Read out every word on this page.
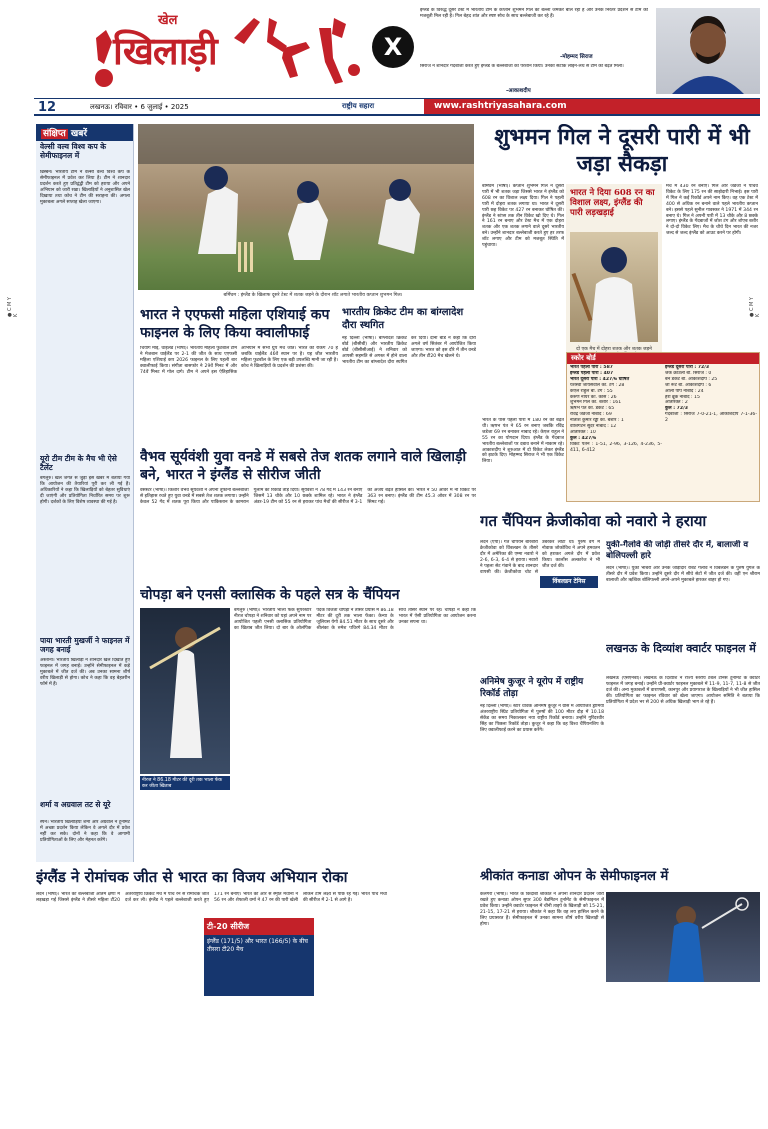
खेल
खिलाड़ी	X
इंग्लैंड के विरुद्ध दूसरे टेस्ट में भारतीय टीम के कप्तान शुभमन गिल का बल्ला जमकर बोल रहा है और उनके निरंतर प्रदर्शन से टीम को मजबूती मिल रही है। गिल बेहद शांत और स्पष्ट सोच के साथ बल्लेबाजी कर रहे हैं।
-मोहम्मद सिराज
सिराज ने शानदार गेंदबाजी करते हुए इंग्लैंड के बल्लेबाजों को परेशान किया। उनकी सटीक लाइन-लेंथ से टीम को बढ़त मिली।
-आकाशदीप
12	लखनऊ। रविवार • 6 जुलाई • 2025	राष्ट्रीय सहारा	www.rashtriyasahara.com
संक्षिप्त खबरें
वेल्सी वल्व विश्व कप के सेमीफाइनल में
ब्रिस्बेन। भारतीय टीम ने वेल्सी वल्व विश्व कप के सेमीफाइनल में प्रवेश कर लिया है। टीम ने शानदार प्रदर्शन करते हुए प्रतिद्वंद्वी टीम को हराया और अपने अभियान को जारी रखा। खिलाड़ियों ने अनुशासित खेल दिखाया तथा कोच ने टीम की सराहना की। अगला मुकाबला अगले सप्ताह खेला जाएगा।
यूरो टीम टीम के मैच भी ऐसे टैलेंट
बेंगलुरु। खेल जगत से जुड़ी इस खबर में बताया गया कि आयोजन की तैयारियां पूरी कर ली गई हैं। अधिकारियों ने कहा कि खिलाड़ियों को बेहतर सुविधाएं दी जाएंगी और प्रतियोगिता निर्धारित समय पर शुरू होगी। दर्शकों के लिए विशेष व्यवस्था की गई है।
पाया भारती मुखर्जी ने फाइनल में जगह बनाई
अस्ताना। भारतीय खिलाड़ी ने शानदार खेल दिखाते हुए फाइनल में जगह बनाई। उन्होंने सेमीफाइनल में कड़े मुकाबले में जीत दर्ज की। अब उनका सामना शीर्ष वरीय खिलाड़ी से होगा। कोच ने कहा कि वह बेहतरीन फॉर्म में हैं।
शर्मा व अग्रवाल तट से यूरे
स्पेन। भारतीय खिलाड़ियों शर्मा और अग्रवाल ने टूर्नामेंट में अच्छा प्रदर्शन किया लेकिन वे अगले दौर में प्रवेश नहीं कर सके। दोनों ने कहा कि वे आगामी प्रतियोगिताओं के लिए और मेहनत करेंगे।
बर्मिंघम : इंग्लैंड के खिलाफ दूसरे टेस्ट में शतक जड़ने के दौरान शॉट लगाते भारतीय कप्तान शुभमन गिल।
शुभमन गिल ने दूसरी पारी में भी जड़ा सैकड़ा
बर्मिंघम (भाषा)। कप्तान शुभमन गिल ने दूसरी पारी में भी शतक जड़ा जिससे भारत ने इंग्लैंड को 608 रन का विशाल लक्ष्य दिया। गिल ने पहली पारी में दोहरा शतक लगाया था। भारत ने दूसरी पारी छह विकेट पर 427 रन बनाकर घोषित की। इंग्लैंड ने स्टंप्स तक तीन विकेट खो दिए थे। गिल ने 161 रन बनाए और टेस्ट मैच में एक दोहरा शतक और एक शतक लगाने वाले दूसरे भारतीय बने। उन्होंने शानदार बल्लेबाजी करते हुए हर तरफ शॉट लगाए और टीम को मजबूत स्थिति में पहुंचाया।
भारत ने दिया 608 रन का विशाल लक्ष्य, इंग्लैंड की पारी लड़खड़ाई
दो एक मैच में दोहरा शतक और शतक जड़ने
मैच में 430 रन बनाए। गिल और जडेजा ने पांचवें विकेट के लिए 175 रन की साझेदारी निभाई। इस पारी में गिल ने कई रिकॉर्ड अपने नाम किए। वह एक टेस्ट में 400 से अधिक रन बनाने वाले पहले भारतीय कप्तान बने। इससे पहले सुनील गावस्कर ने 1971 में 344 रन बनाए थे। गिल ने अपनी पारी में 13 चौके और 8 छक्के लगाए। इंग्लैंड के गेंदबाजों में जोश टंग और शोएब बशीर ने दो-दो विकेट लिए। मैच के चौथे दिन भारत की नजर जल्द से जल्द इंग्लैंड को आउट करने पर होगी।
स्कोर बोर्ड
भारत पहली पारी : 587
इंग्लैंड पहली पारी : 407
भारत दूसरी पारी : 427/6 घोषित
यशस्वी जायसवाल का. टंग : 28
केएल राहुल बो. टंग : 55
करुण नायर का. कार्स : 26
शुभमन गिल का. बशीर : 161
ऋषभ पंत का. डकेट : 65
रविंद्र जडेजा नाबाद : 69
नीतीश कुमार रेड्डी का. बशीर : 1
वाशिंगटन सुंदर नाबाद : 12
अतिरिक्त : 10
कुल : 427/6
विकेट पतन : 1-51, 2-96, 3-126, 4-236, 5-411, 6-412
इंग्लैंड दूसरी पारी : 72/3
जैक क्रॉउली बो. सिराज : 0
बेन डकेट बो. आकाशदीप : 25
जो रूट बो. आकाशदीप : 6
ओली पोप नाबाद : 24
हैरी ब्रूक नाबाद : 15
अतिरिक्त : 2
कुल : 72/3
गेंदबाजी : सिराज 7-0-21-1, आकाशदीप 7-1-36-2
भारत के पास पहली पारी में 180 रन की बढ़त थी। ऋषभ पंत ने 65 रन बनाए जबकि रविंद्र जडेजा 69 रन बनाकर नाबाद रहे। केएल राहुल ने 55 रन का योगदान दिया। इंग्लैंड के गेंदबाज भारतीय बल्लेबाजों पर दबाव बनाने में नाकाम रहे। आकाशदीप ने शुरुआत में दो विकेट लेकर इंग्लैंड को झटके दिए। मोहम्मद सिराज ने भी एक विकेट लिया।
भारत ने एएफसी महिला एशियाई कप फाइनल के लिए किया क्वालीफाई
चियांग माई, थाईलैंड (भाषा)। भारतीय महिला फुटबॉल टीम ने मेजबान थाईलैंड पर 2-1 की जीत के साथ एएफसी महिला एशियाई कप 2026 फाइनल के लिए पहली बार क्वालीफाई किया। संगीता बासफोर ने 29वें मिनट में और 74वें मिनट में गोल दागे। टीम ने अपने इस ऐतिहासिक अभियान में सभी ग्रुप मैच जीते। भारत की रैंकिंग 70 है जबकि थाईलैंड 46वें स्थान पर है। यह जीत भारतीय महिला फुटबॉल के लिए एक बड़ी उपलब्धि मानी जा रही है। कोच ने खिलाड़ियों के प्रदर्शन की प्रशंसा की।
भारतीय क्रिकेट टीम का बांग्लादेश दौरा स्थगित
नई दिल्ली (भाषा)। बांग्लादेश क्रिकेट बोर्ड (बीसीबी) और भारतीय क्रिकेट बोर्ड (बीसीसीआई) ने शनिवार को आपसी सहमति से अगस्त में होने वाला भारतीय टीम का बांग्लादेश दौरा स्थगित कर दिया। दोनों बोर्ड ने कहा कि दौरा अगले वर्ष सितंबर में आयोजित किया जाएगा। भारत को इस दौरे में तीन वनडे और तीन टी20 मैच खेलने थे।
वैभव सूर्यवंशी युवा वनडे में सबसे तेज शतक लगाने वाले खिलाड़ी बने, भारत ने इंग्लैंड से सीरीज जीती
वर्सेस्टर (भाषा)। किशोर वैभव सूर्यवंशी ने अपनी तूफानी बल्लेबाजी से इतिहास रचते हुए युवा वनडे में सबसे तेज शतक लगाया। उन्होंने केवल 52 गेंद में शतक पूरा किया और पाकिस्तान के कामरान गुलाम का रिकॉर्ड तोड़ दिया। सूर्यवंशी ने 78 गेंद में 143 रन बनाए जिसमें 13 चौके और 10 छक्के शामिल रहे। भारत ने इंग्लैंड अंडर-19 टीम को 55 रन से हराकर पांच मैचों की सीरीज में 3-1 की अजेय बढ़त हासिल की। भारत ने 50 ओवर में नौ विकेट पर 363 रन बनाए। इंग्लैंड की टीम 45.3 ओवर में 308 रन पर सिमट गई।
गत चैंपियन क्रेजीकोवा को नवारो ने हराया
लंदन (एपी)। गत चैंपियन बारबोरा क्रेजीकोवा को विंबलडन के तीसरे दौर में अमेरिका की एम्मा नवारो ने 2-6, 6-3, 6-4 से हराया। नवारो ने पहला सेट गंवाने के बाद शानदार वापसी की। क्रेजीकोवा चोट से उबरकर लौटी थीं। पुरुष वर्ग में नोवाक जोकोविच ने अपने हमवतन को हराकर अगले दौर में प्रवेश किया। कार्लोस अल्कारेज ने भी जीत दर्ज की।
विंबलडन टेनिस
युकी-गैलोवे की जोड़ी तीसरे दौर में, बालाजी व बोलिपल्ली हारे
लंदन (भाषा)। युकी भांबरी और उनके जोड़ीदार रॉबर्ट गैलोवे ने विंबलडन के पुरुष युगल के तीसरे दौर में प्रवेश किया। उन्होंने दूसरे दौर में सीधे सेटों में जीत दर्ज की। वहीं एन श्रीराम बालाजी और ऋत्विक बोलिपल्ली अपने-अपने मुकाबले हारकर बाहर हो गए।
चोपड़ा बने एनसी क्लासिक के पहले सत्र के चैंपियन
नीरज ने 86.18 मीटर की दूरी तक भाला फेंक कर जीता खिताब
बेंगलुरु (भाषा)। भारतीय भाला फेंक सुपरस्टार नीरज चोपड़ा ने शनिवार को यहां अपने नाम पर आयोजित पहली एनसी क्लासिक प्रतियोगिता का खिताब जीत लिया। दो बार के ओलंपिक पदक विजेता चोपड़ा ने तीसरे प्रयास में 86.18 मीटर की दूरी तक भाला फेंका। केन्या के जूलियस येगो 84.51 मीटर के साथ दूसरे और श्रीलंका के रुमेश पथिरगे 84.34 मीटर के साथ तीसरे स्थान पर रहे। चोपड़ा ने कहा कि भारत में ऐसी प्रतियोगिता का आयोजन करना उनका सपना था।
अनिमेष कुजूर ने यूरोप में राष्ट्रीय रिकॉर्ड तोड़ा
नई दिल्ली (भाषा)। स्टार धावक अनिमेष कुजूर ने ग्रीस में आयोजित ड्रोमिया अंतरराष्ट्रीय स्प्रिंट प्रतियोगिता में पुरुषों की 100 मीटर दौड़ में 10.18 सेकेंड का समय निकालकर नया राष्ट्रीय रिकॉर्ड बनाया। उन्होंने गुरिंदरवीर सिंह का पिछला रिकॉर्ड तोड़ा। कुजूर ने कहा कि वह विश्व चैंपियनशिप के लिए क्वालीफाई करने का प्रयास करेंगे।
लखनऊ के दिव्यांश क्वार्टर फाइनल में
लखनऊ (एसएनबी)। लखनऊ के दिव्यांश ने राज्य स्तरीय टेबल टेनिस टूर्नामेंट के क्वार्टर फाइनल में जगह बनाई। उन्होंने प्री-क्वार्टर फाइनल मुकाबले में 11-9, 11-7, 11-8 से जीत दर्ज की। अन्य मुकाबलों में वाराणसी, कानपुर और प्रयागराज के खिलाड़ियों ने भी जीत हासिल की। प्रतियोगिता का फाइनल रविवार को खेला जाएगा। आयोजन समिति ने बताया कि प्रतियोगिता में प्रदेश भर से 200 से अधिक खिलाड़ी भाग ले रहे हैं।
इंग्लैंड ने रोमांचक जीत से भारत का विजय अभियान रोका
लंदन (भाषा)। भारत की बल्लेबाजी अंतिम क्षणों में लड़खड़ा गई जिससे इंग्लैंड ने तीसरे महिला टी20 अंतरराष्ट्रीय क्रिकेट मैच में पांच रन से रोमांचक जीत दर्ज कर ली। इंग्लैंड ने पहले बल्लेबाजी करते हुए 171 रन बनाए। भारत की ओर से स्मृति मंधाना ने 56 रन और शेफाली वर्मा ने 47 रन की पारी खेली लेकिन टीम लक्ष्य से पीछे रह गई। भारत पांच मैचों की सीरीज में 2-1 से आगे है।
टी-20 सीरीज
इंग्लैंड (171/5) और भारत (166/5) के बीच तीसरा टी20 मैच
श्रीकांत कनाडा ओपन के सेमीफाइनल में
कैलगरी (भाषा)। भारत के किदांबी श्रीकांत ने अपना शानदार प्रदर्शन जारी रखते हुए कनाडा ओपन सुपर 300 बैडमिंटन टूर्नामेंट के सेमीफाइनल में प्रवेश किया। उन्होंने क्वार्टर फाइनल में चीनी ताइपे के खिलाड़ी को 15-21, 21-15, 17-21 से हराया। श्रीकांत ने कहा कि वह लय हासिल करने के लिए प्रयासरत हैं। सेमीफाइनल में उनका सामना शीर्ष वरीय खिलाड़ी से होगा।
● C M Y K	● C M Y K
